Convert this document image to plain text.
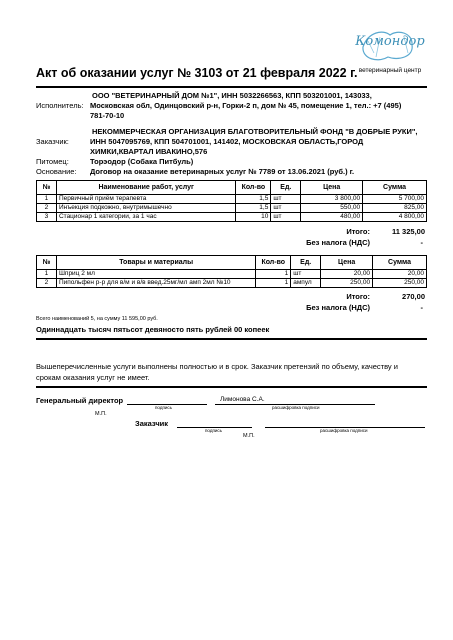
Комондор
ветеринарный центр
Акт об оказании услуг № 3103 от 21 февраля 2022 г.
ООО "ВЕТЕРИНАРНЫЙ ДОМ №1", ИНН 5032266563, КПП 503201001, 143033,
Исполнитель: Московская обл, Одинцовский р-н, Горки-2 п, дом № 45, помещение 1, тел.: +7 (495)
781-70-10
НЕКОММЕРЧЕСКАЯ ОРГАНИЗАЦИЯ БЛАГОТВОРИТЕЛЬНЫЙ ФОНД "В ДОБРЫЕ РУКИ",
Заказчик:	ИНН 5047095769, КПП 504701001, 141402, МОСКОВСКАЯ ОБЛАСТЬ,ГОРОД
ХИМКИ,КВАРТАЛ ИВАКИНО,576
Питомец:	Торэодор (Собака Питбуль)
Основание: Договор на оказание ветеринарных услуг № 7789 от 13.06.2021 (руб.) г.
№	Наименование работ, услуг	Кол-во	Ед.	Цена	Сумма
1	Первичный приём терапевта	1,5	шт	3 800,00	5 700,00
2	Инъекция подкожно, внутримышечно	1,5	шт	550,00	825,00
3	Стационар 1 категории, за 1 час	10	шт	480,00	4 800,00
Итого:	11 325,00
Без налога (НДС)	-
№	Товары и материалы	Кол-во	Ед.	Цена	Сумма
1	Шприц 2 мл	1	шт	20,00	20,00
2	Пипольфен р-р для в/м и в/в введ.25мг/мл амп 2мл №10	1	ампул	250,00	250,00
Итого:	270,00
Без налога (НДС)	-
Всего наименований 5, на сумму 11 595,00 руб.
Одиннадцать тысяч пятьсот девяносто пять рублей 00 копеек
Вышеперечисленные услуги выполнены полностью и в срок. Заказчик претензий по объему, качеству и
срокам оказания услуг не имеет.
Генеральный директор
подпись
Лимонова С.А.
расшифровка подписи
М.П.
Заказчик
подпись	расшифровка подписи
М.П.
